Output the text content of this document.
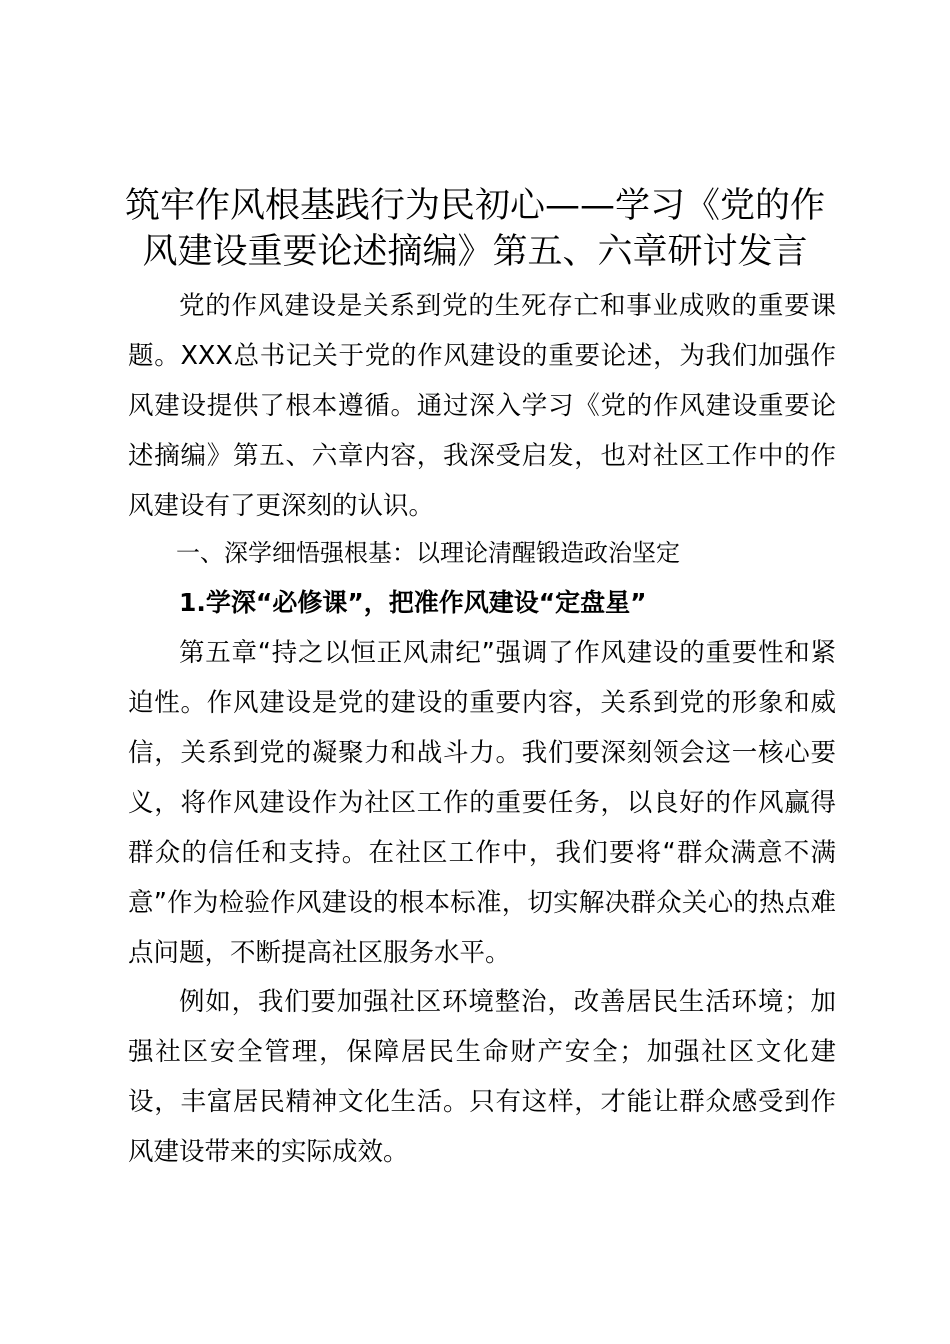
筑牢作风根基践行为民初心——学习《党的作风建设重要论述摘编》第五、六章研讨发言

党的作风建设是关系到党的生死存亡和事业成败的重要课题。XXX总书记关于党的作风建设的重要论述，为我们加强作风建设提供了根本遵循。通过深入学习《党的作风建设重要论述摘编》第五、六章内容，我深受启发，也对社区工作中的作风建设有了更深刻的认识。

一、深学细悟强根基：以理论清醒锻造政治坚定

1.学深“必修课”，把准作风建设“定盘星”

第五章“持之以恒正风肃纪”强调了作风建设的重要性和紧迫性。作风建设是党的建设的重要内容，关系到党的形象和威信，关系到党的凝聚力和战斗力。我们要深刻领会这一核心要义，将作风建设作为社区工作的重要任务，以良好的作风赢得群众的信任和支持。在社区工作中，我们要将“群众满意不满意”作为检验作风建设的根本标准，切实解决群众关心的热点难点问题，不断提高社区服务水平。

例如，我们要加强社区环境整治，改善居民生活环境；加强社区安全管理，保障居民生命财产安全；加强社区文化建设，丰富居民精神文化生活。只有这样，才能让群众感受到作风建设带来的实际成效。
